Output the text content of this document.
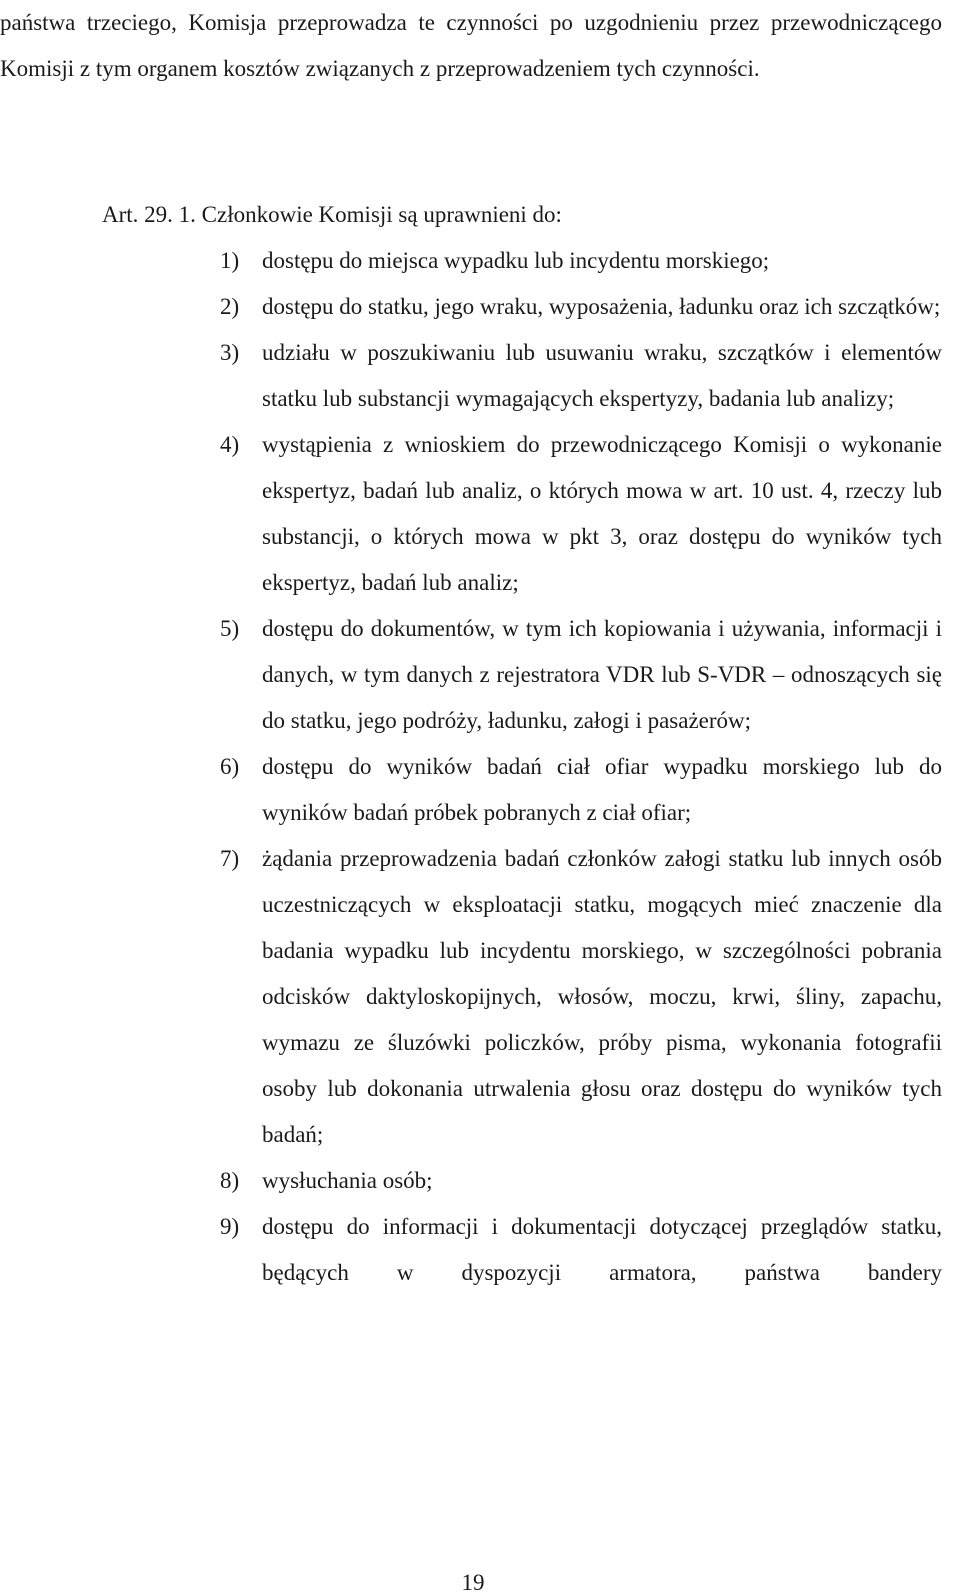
państwa trzeciego, Komisja przeprowadza te czynności po uzgodnieniu przez przewodniczącego Komisji z tym organem kosztów związanych z przeprowadzeniem tych czynności.

Art. 29. 1. Członkowie Komisji są uprawnieni do:

1) dostępu do miejsca wypadku lub incydentu morskiego;
2) dostępu do statku, jego wraku, wyposażenia, ładunku oraz ich szczątków;
3) udziału w poszukiwaniu lub usuwaniu wraku, szczątków i elementów statku lub substancji wymagających ekspertyzy, badania lub analizy;
4) wystąpienia z wnioskiem do przewodniczącego Komisji o wykonanie ekspertyz, badań lub analiz, o których mowa w art. 10 ust. 4, rzeczy lub substancji, o których mowa w pkt 3, oraz dostępu do wyników tych ekspertyz, badań lub analiz;
5) dostępu do dokumentów, w tym ich kopiowania i używania, informacji i danych, w tym danych z rejestratora VDR lub S-VDR – odnoszących się do statku, jego podróży, ładunku, załogi i pasażerów;
6) dostępu do wyników badań ciał ofiar wypadku morskiego lub do wyników badań próbek pobranych z ciał ofiar;
7) żądania przeprowadzenia badań członków załogi statku lub innych osób uczestniczących w eksploatacji statku, mogących mieć znaczenie dla badania wypadku lub incydentu morskiego, w szczególności pobrania odcisków daktyloskopijnych, włosów, moczu, krwi, śliny, zapachu, wymazu ze śluzówki policzków, próby pisma, wykonania fotografii osoby lub dokonania utrwalenia głosu oraz dostępu do wyników tych badań;
8) wysłuchania osób;
9) dostępu do informacji i dokumentacji dotyczącej przeglądów statku, będących w dyspozycji armatora, państwa bandery
19
